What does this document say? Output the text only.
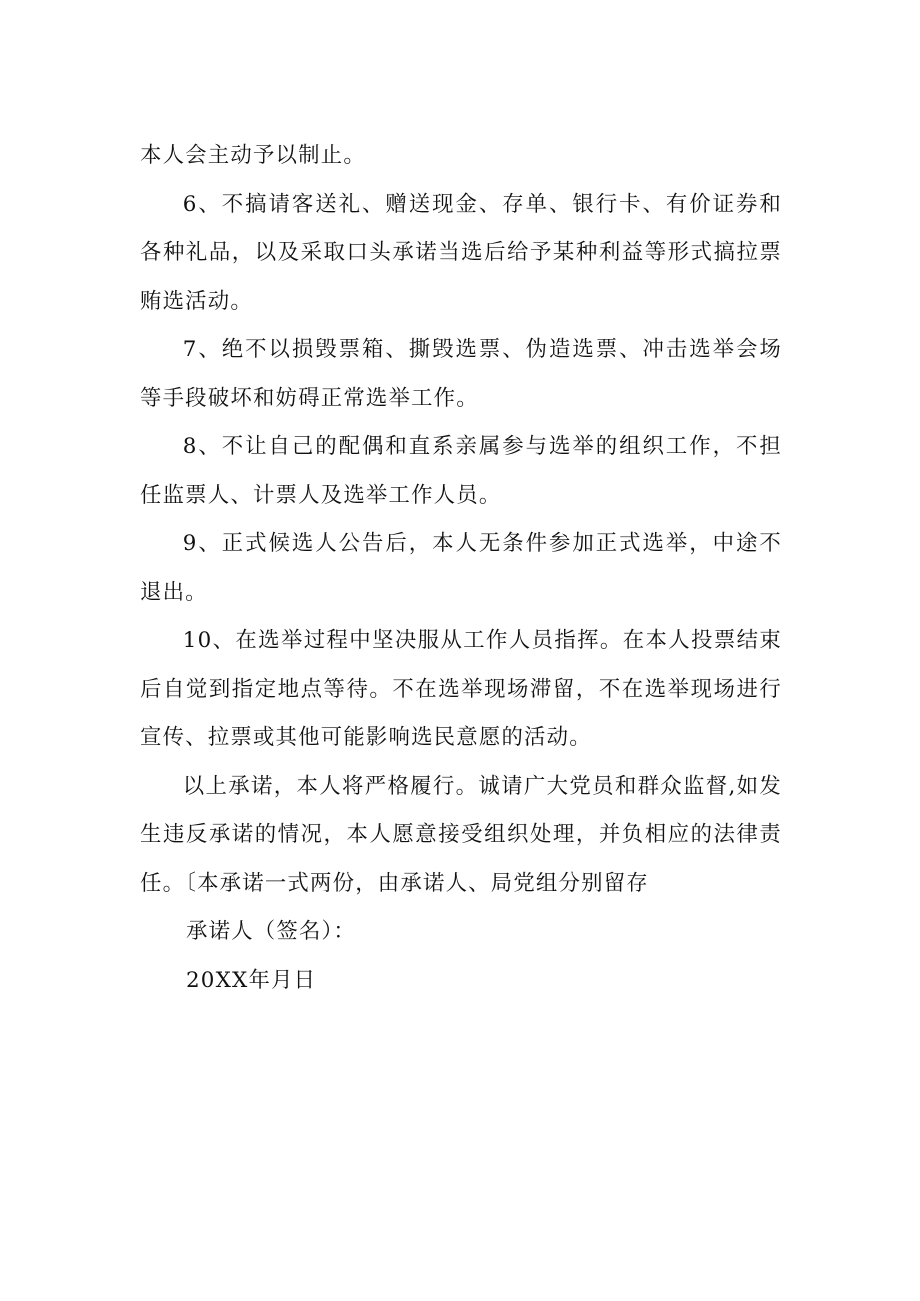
本人会主动予以制止。

6、不搞请客送礼、赠送现金、存单、银行卡、有价证券和各种礼品，以及采取口头承诺当选后给予某种利益等形式搞拉票贿选活动。

7、绝不以损毁票箱、撕毁选票、伪造选票、冲击选举会场等手段破坏和妨碍正常选举工作。

8、不让自己的配偶和直系亲属参与选举的组织工作，不担任监票人、计票人及选举工作人员。

9、正式候选人公告后，本人无条件参加正式选举，中途不退出。

10、在选举过程中坚决服从工作人员指挥。在本人投票结束后自觉到指定地点等待。不在选举现场滞留，不在选举现场进行宣传、拉票或其他可能影响选民意愿的活动。

以上承诺，本人将严格履行。诚请广大党员和群众监督,如发生违反承诺的情况，本人愿意接受组织处理，并负相应的法律责任。〔本承诺一式两份，由承诺人、局党组分别留存

承诺人（签名）：

20XX年月日
